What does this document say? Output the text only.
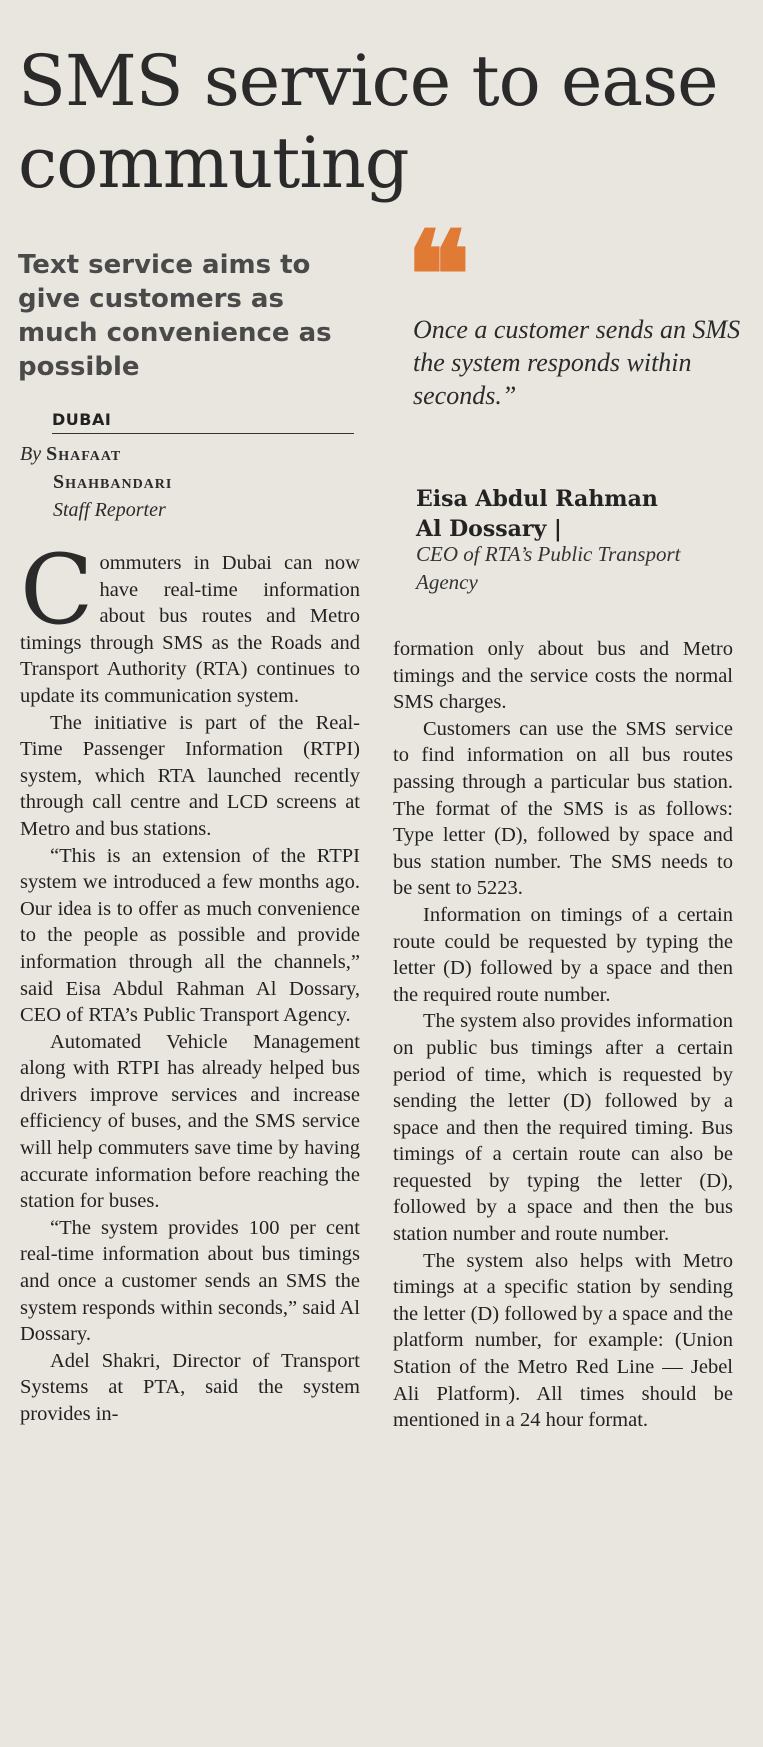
SMS service to ease commuting
Text service aims to give customers as much convenience as possible
DUBAI
By Shafaat
Shahbandari
Staff Reporter
❝

Once a customer sends an SMS the system responds within seconds.”

Eisa Abdul Rahman
Al Dossary |
CEO of RTA’s Public Transport Agency

Commuters in Dubai can now have real-time information about bus routes and Metro timings through SMS as the Roads and Transport Authority (RTA) continues to update its communication system.

The initiative is part of the Real-Time Passenger Information (RTPI) system, which RTA launched recently through call centre and LCD screens at Metro and bus stations.

“This is an extension of the RTPI system we introduced a few months ago. Our idea is to offer as much convenience to the people as possible and provide information through all the channels,” said Eisa Abdul Rahman Al Dossary, CEO of RTA’s Public Transport Agency.

Automated Vehicle Management along with RTPI has already helped bus drivers improve services and increase efficiency of buses, and the SMS service will help commuters save time by having accurate information before reaching the station for buses.

“The system provides 100 per cent real-time information about bus timings and once a customer sends an SMS the system responds within seconds,” said Al Dossary.

Adel Shakri, Director of Transport Systems at PTA, said the system provides in-

formation only about bus and Metro timings and the service costs the normal SMS charges.

Customers can use the SMS service to find information on all bus routes passing through a particular bus station. The format of the SMS is as follows: Type letter (D), followed by space and bus station number. The SMS needs to be sent to 5223.

Information on timings of a certain route could be requested by typing the letter (D) followed by a space and then the required route number.

The system also provides information on public bus timings after a certain period of time, which is requested by sending the letter (D) followed by a space and then the required timing. Bus timings of a certain route can also be requested by typing the letter (D), followed by a space and then the bus station number and route number.

The system also helps with Metro timings at a specific station by sending the letter (D) followed by a space and the platform number, for example: (Union Station of the Metro Red Line — Jebel Ali Platform). All times should be mentioned in a 24 hour format.
